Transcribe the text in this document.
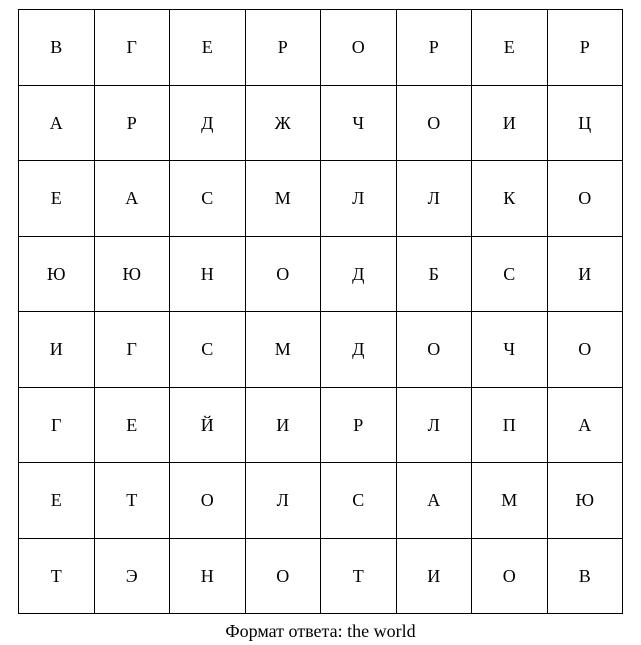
В	Г	Е	Р	О	Р	Е	Р
А	Р	Д	Ж	Ч	О	И	Ц
Е	А	С	М	Л	Л	К	О
Ю	Ю	Н	О	Д	Б	С	И
И	Г	С	М	Д	О	Ч	О
Г	Е	Й	И	Р	Л	П	А
Е	Т	О	Л	С	А	М	Ю
Т	Э	Н	О	Т	И	О	В
Формат ответа: the world
